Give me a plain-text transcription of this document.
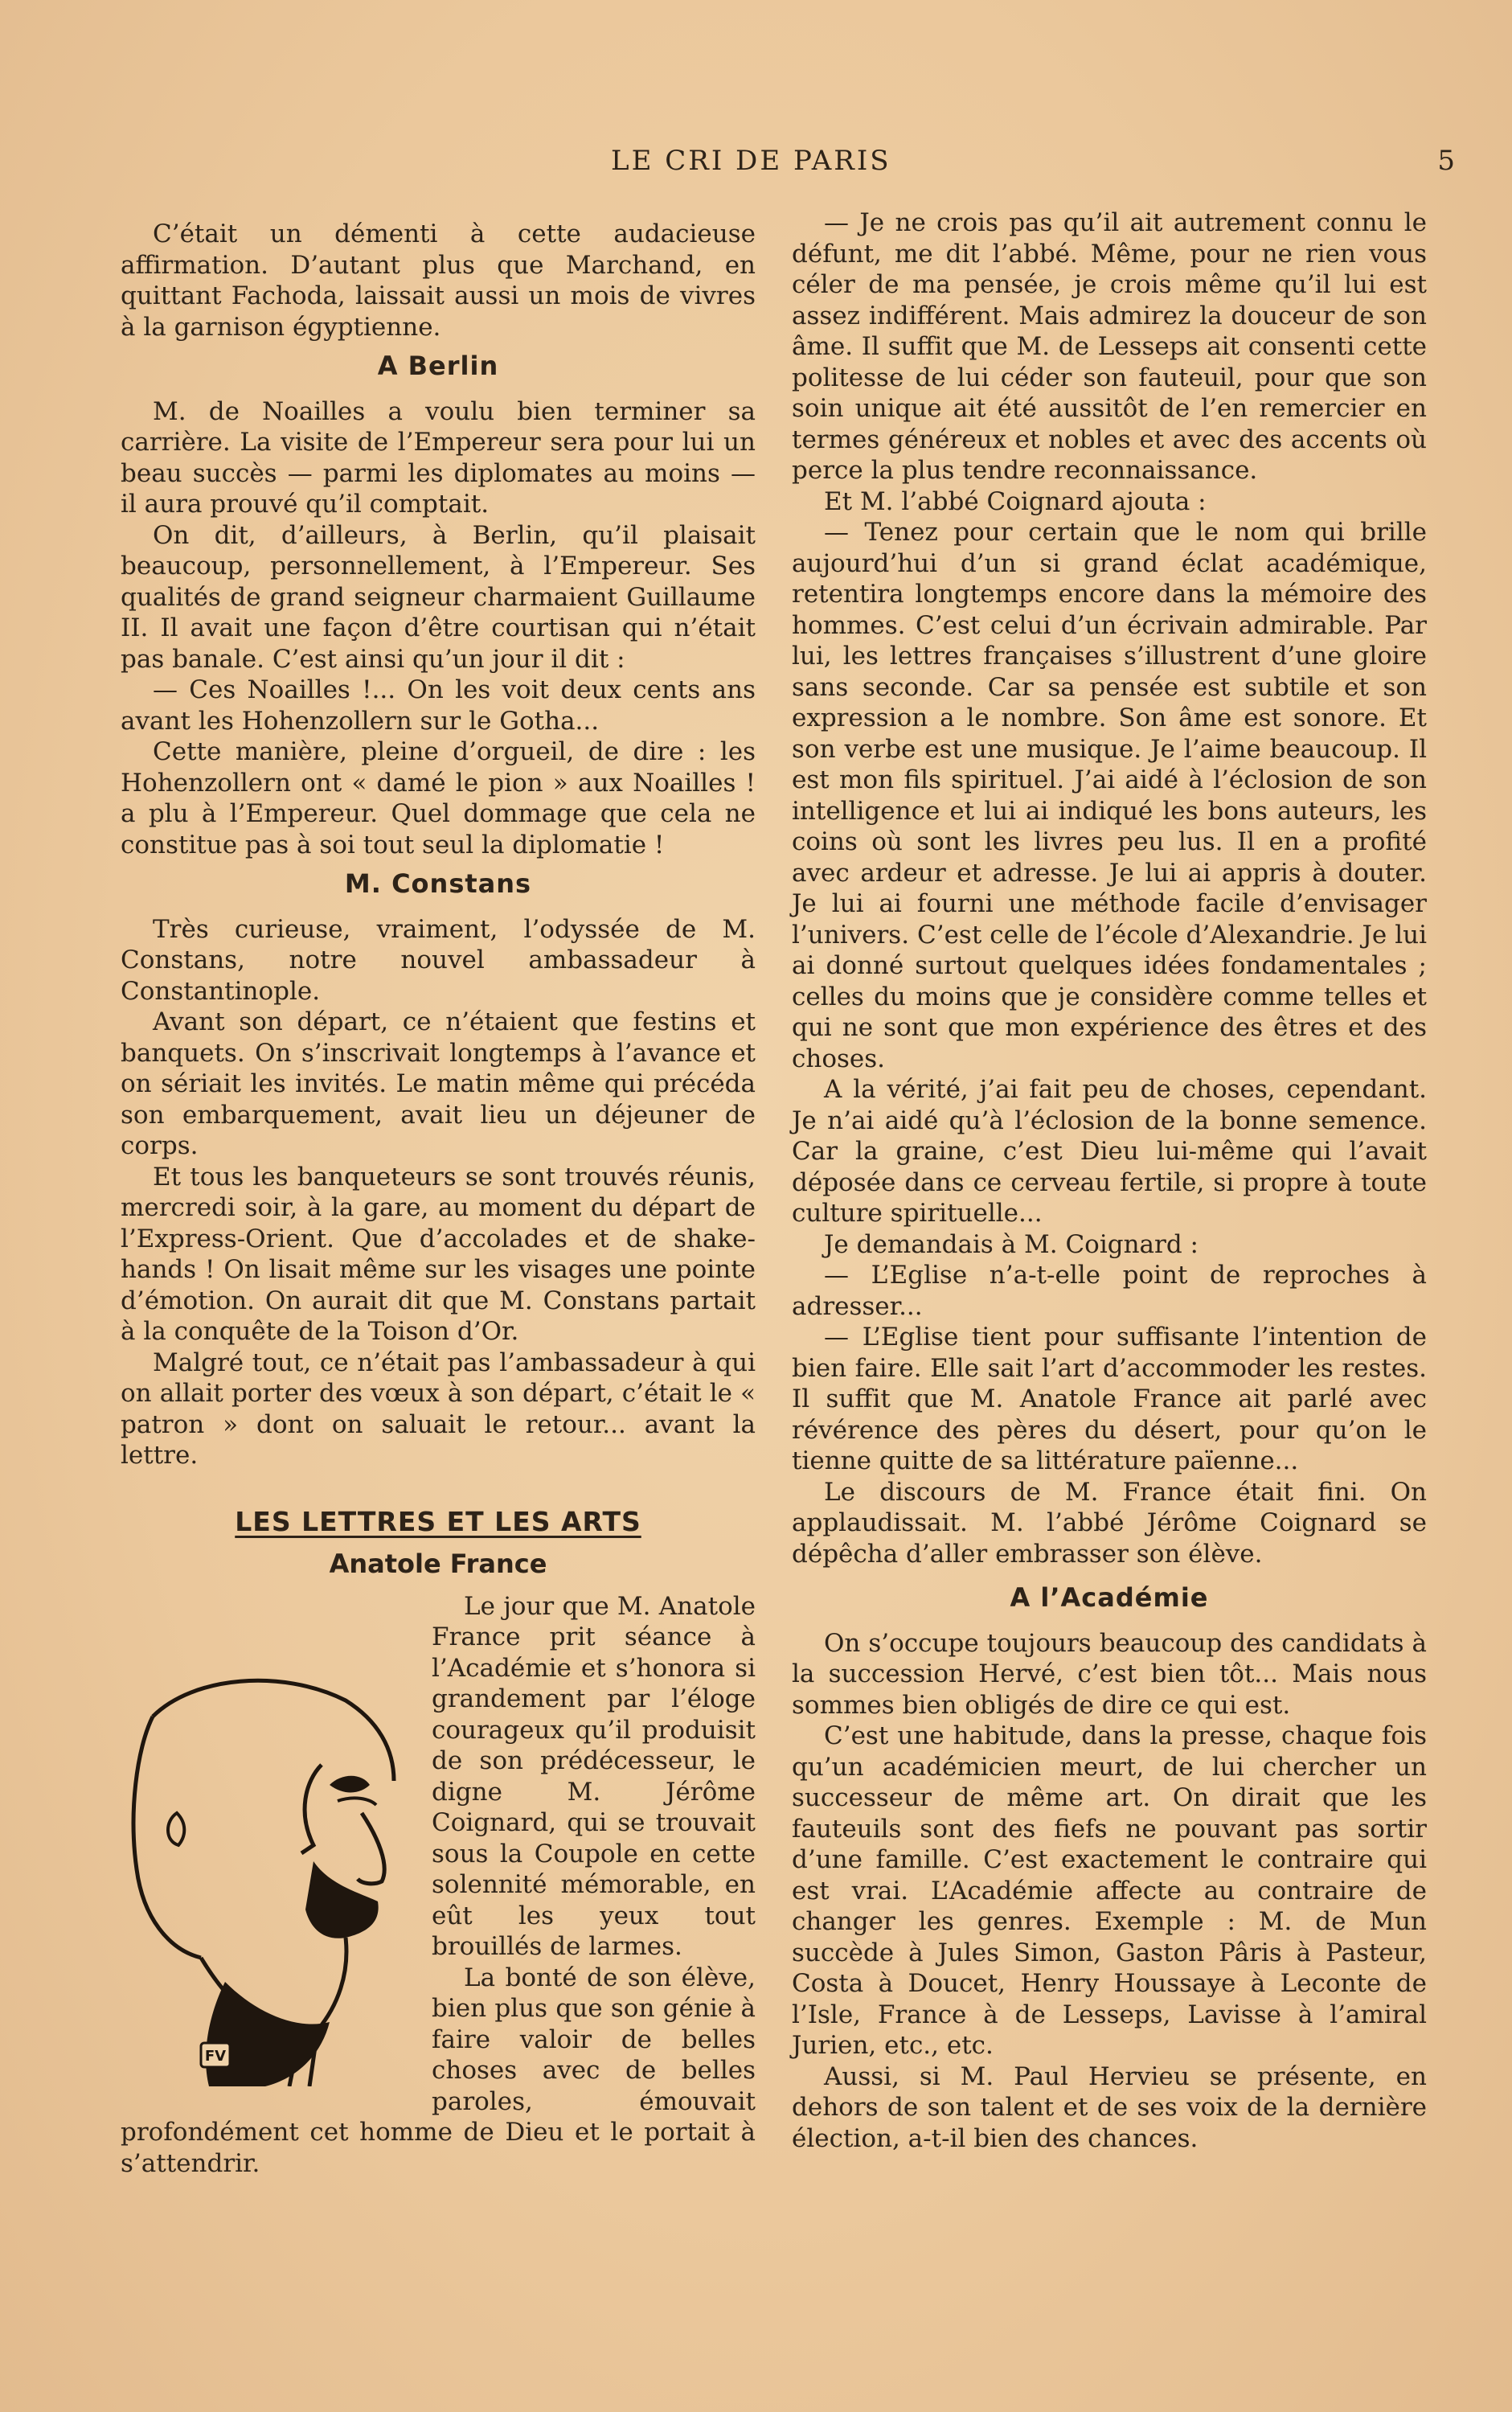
LE CRI DE PARIS	5

C’était un démenti à cette audacieuse affirmation. D’autant plus que Marchand, en quittant Fachoda, laissait aussi un mois de vivres à la garnison égyptienne.

A Berlin

M. de Noailles a voulu bien terminer sa carrière. La visite de l’Empereur sera pour lui un beau succès — parmi les diplomates au moins — il aura prouvé qu’il comptait.

On dit, d’ailleurs, à Berlin, qu’il plaisait beaucoup, personnellement, à l’Empereur. Ses qualités de grand seigneur charmaient Guillaume II. Il avait une façon d’être courtisan qui n’était pas banale. C’est ainsi qu’un jour il dit :

— Ces Noailles !... On les voit deux cents ans avant les Hohenzollern sur le Gotha...

Cette manière, pleine d’orgueil, de dire : les Hohenzollern ont « damé le pion » aux Noailles ! a plu à l’Empereur. Quel dommage que cela ne constitue pas à soi tout seul la diplomatie !

M. Constans

Très curieuse, vraiment, l’odyssée de M. Constans, notre nouvel ambassadeur à Constantinople.

Avant son départ, ce n’étaient que festins et banquets. On s’inscrivait longtemps à l’avance et on sériait les invités. Le matin même qui précéda son embarquement, avait lieu un déjeuner de corps.

Et tous les banqueteurs se sont trouvés réunis, mercredi soir, à la gare, au moment du départ de l’Express-Orient. Que d’accolades et de shake-hands ! On lisait même sur les visages une pointe d’émotion. On aurait dit que M. Constans partait à la conquête de la Toison d’Or.

Malgré tout, ce n’était pas l’ambassadeur à qui on allait porter des vœux à son départ, c’était le « patron » dont on saluait le retour... avant la lettre.

LES LETTRES ET LES ARTS
Anatole France

FV
Le jour que M. Anatole France prit séance à l’Académie et s’honora si grandement par l’éloge courageux qu’il produisit de son prédécesseur, le digne M. Jérôme Coignard, qui se trouvait sous la Coupole en cette solennité mémorable, en eût les yeux tout brouillés de larmes.

La bonté de son élève, bien plus que son génie à faire valoir de belles choses avec de belles paroles, émouvait profondément cet homme de Dieu et le portait à s’attendrir.

— Je ne crois pas qu’il ait autrement connu le défunt, me dit l’abbé. Même, pour ne rien vous céler de ma pensée, je crois même qu’il lui est assez indifférent. Mais admirez la douceur de son âme. Il suffit que M. de Lesseps ait consenti cette politesse de lui céder son fauteuil, pour que son soin unique ait été aussitôt de l’en remercier en termes généreux et nobles et avec des accents où perce la plus tendre reconnaissance.

Et M. l’abbé Coignard ajouta :

— Tenez pour certain que le nom qui brille aujourd’hui d’un si grand éclat académique, retentira longtemps encore dans la mémoire des hommes. C’est celui d’un écrivain admirable. Par lui, les lettres françaises s’illustrent d’une gloire sans seconde. Car sa pensée est subtile et son expression a le nombre. Son âme est sonore. Et son verbe est une musique. Je l’aime beaucoup. Il est mon fils spirituel. J’ai aidé à l’éclosion de son intelligence et lui ai indiqué les bons auteurs, les coins où sont les livres peu lus. Il en a profité avec ardeur et adresse. Je lui ai appris à douter. Je lui ai fourni une méthode facile d’envisager l’univers. C’est celle de l’école d’Alexandrie. Je lui ai donné surtout quelques idées fondamentales ; celles du moins que je considère comme telles et qui ne sont que mon expérience des êtres et des choses.

A la vérité, j’ai fait peu de choses, cependant. Je n’ai aidé qu’à l’éclosion de la bonne semence. Car la graine, c’est Dieu lui-même qui l’avait déposée dans ce cerveau fertile, si propre à toute culture spirituelle...

Je demandais à M. Coignard :

— L’Eglise n’a-t-elle point de reproches à adresser...

— L’Eglise tient pour suffisante l’intention de bien faire. Elle sait l’art d’accommoder les restes. Il suffit que M. Anatole France ait parlé avec révérence des pères du désert, pour qu’on le tienne quitte de sa littérature païenne...

Le discours de M. France était fini. On applaudissait. M. l’abbé Jérôme Coignard se dépêcha d’aller embrasser son élève.

A l’Académie

On s’occupe toujours beaucoup des candidats à la succession Hervé, c’est bien tôt... Mais nous sommes bien obligés de dire ce qui est.

C’est une habitude, dans la presse, chaque fois qu’un académicien meurt, de lui chercher un successeur de même art. On dirait que les fauteuils sont des fiefs ne pouvant pas sortir d’une famille. C’est exactement le contraire qui est vrai. L’Académie affecte au contraire de changer les genres. Exemple : M. de Mun succède à Jules Simon, Gaston Pâris à Pasteur, Costa à Doucet, Henry Houssaye à Leconte de l’Isle, France à de Lesseps, Lavisse à l’amiral Jurien, etc., etc.

Aussi, si M. Paul Hervieu se présente, en dehors de son talent et de ses voix de la dernière élection, a-t-il bien des chances.
